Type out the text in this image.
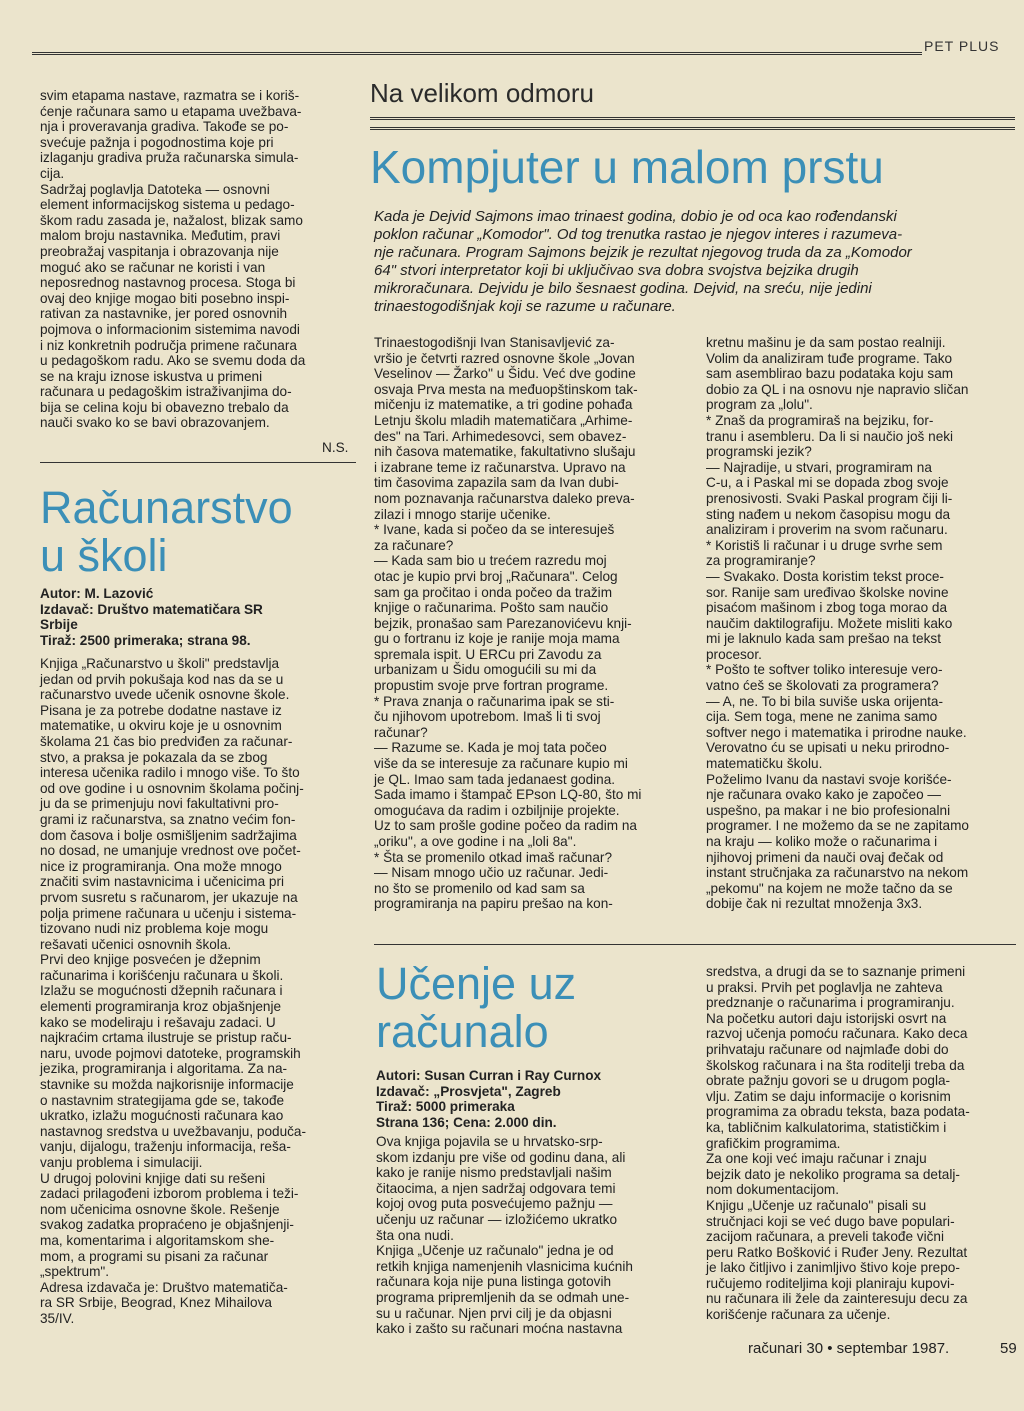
PET PLUS

svim etapama nastave, razmatra se i koriš-
ćenje računara samo u etapama uvežbava-
nja i proveravanja gradiva. Takođe se po-
svećuje pažnja i pogodnostima koje pri
izlaganju gradiva pruža računarska simula-
cija.
Sadržaj poglavlja Datoteka — osnovni
element informacijskog sistema u pedago-
škom radu zasada je, nažalost, blizak samo
malom broju nastavnika. Međutim, pravi
preobražaj vaspitanja i obrazovanja nije
moguć ako se računar ne koristi i van
neposrednog nastavnog procesa. Stoga bi
ovaj deo knjige mogao biti posebno inspi-
rativan za nastavnike, jer pored osnovnih
pojmova o informacionim sistemima navodi
i niz konkretnih područja primene računara
u pedagoškom radu. Ako se svemu doda da
se na kraju iznose iskustva u primeni
računara u pedagoškim istraživanjima do-
bija se celina koju bi obavezno trebalo da
nauči svako ko se bavi obrazovanjem.

N.S.
Računarstvo
u školi

Autor: M. Lazović
Izdavač: Društvo matematičara SR
Srbije
Tiraž: 2500 primeraka; strana 98.

Knjiga „Računarstvo u školi" predstavlja
jedan od prvih pokušaja kod nas da se u
računarstvo uvede učenik osnovne škole.
Pisana je za potrebe dodatne nastave iz
matematike, u okviru koje je u osnovnim
školama 21 čas bio predviđen za računar-
stvo, a praksa je pokazala da se zbog
interesa učenika radilo i mnogo više. To što
od ove godine i u osnovnim školama počinj-
ju da se primenjuju novi fakultativni pro-
grami iz računarstva, sa znatno većim fon-
dom časova i bolje osmišljenim sadržajima
no dosad, ne umanjuje vrednost ove počet-
nice iz programiranja. Ona može mnogo
značiti svim nastavnicima i učenicima pri
prvom susretu s računarom, jer ukazuje na
polja primene računara u učenju i sistema-
tizovano nudi niz problema koje mogu
rešavati učenici osnovnih škola.
Prvi deo knjige posvećen je džepnim
računarima i korišćenju računara u školi.
Izlažu se mogućnosti džepnih računara i
elementi programiranja kroz objašnjenje
kako se modeliraju i rešavaju zadaci. U
najkraćim crtama ilustruje se pristup raču-
naru, uvode pojmovi datoteke, programskih
jezika, programiranja i algoritama. Za na-
stavnike su možda najkorisnije informacije
o nastavnim strategijama gde se, takođe
ukratko, izlažu mogućnosti računara kao
nastavnog sredstva u uvežbavanju, poduča-
vanju, dijalogu, traženju informacija, reša-
vanju problema i simulaciji.
U drugoj polovini knjige dati su rešeni
zadaci prilagođeni izborom problema i teži-
nom učenicima osnovne škole. Rešenje
svakog zadatka propraćeno je objašnjenji-
ma, komentarima i algoritamskom she-
mom, a programi su pisani za računar
„spektrum".
Adresa izdavača je: Društvo matematiča-
ra SR Srbije, Beograd, Knez Mihailova
35/IV.

Na velikom odmoru
Kompjuter u malom prstu

Kada je Dejvid Sajmons imao trinaest godina, dobio je od oca kao rođendanski
poklon računar „Komodor". Od tog trenutka rastao je njegov interes i razumeva-
nje računara. Program Sajmons bejzik je rezultat njegovog truda da za „Komodor
64" stvori interpretator koji bi uključivao sva dobra svojstva bejzika drugih
mikroračunara. Dejvidu je bilo šesnaest godina. Dejvid, na sreću, nije jedini
trinaestogodišnjak koji se razume u računare.

Trinaestogodišnji Ivan Stanisavljević za-
vršio je četvrti razred osnovne škole „Jovan
Veselinov — Žarko" u Šidu. Već dve godine
osvaja Prva mesta na međuopštinskom tak-
mičenju iz matematike, a tri godine pohađa
Letnju školu mladih matematičara „Arhime-
des" na Tari. Arhimedesovci, sem obavez-
nih časova matematike, fakultativno slušaju
i izabrane teme iz računarstva. Upravo na
tim časovima zapazila sam da Ivan dubi-
nom poznavanja računarstva daleko preva-
zilazi i mnogo starije učenike.
* Ivane, kada si počeo da se interesuješ
za računare?
— Kada sam bio u trećem razredu moj
otac je kupio prvi broj „Računara". Celog
sam ga pročitao i onda počeo da tražim
knjige o računarima. Pošto sam naučio
bejzik, pronašao sam Parezanovićevu knji-
gu o fortranu iz koje je ranije moja mama
spremala ispit. U ERCu pri Zavodu za
urbanizam u Šidu omogućili su mi da
propustim svoje prve fortran programe.
* Prava znanja o računarima ipak se sti-
ču njihovom upotrebom. Imaš li ti svoj
računar?
— Razume se. Kada je moj tata počeo
više da se interesuje za računare kupio mi
je QL. Imao sam tada jedanaest godina.
Sada imamo i štampač EPson LQ-80, što mi
omogućava da radim i ozbiljnije projekte.
Uz to sam prošle godine počeo da radim na
„oriku", a ove godine i na „loli 8a".
* Šta se promenilo otkad imaš računar?
— Nisam mnogo učio uz računar. Jedi-
no što se promenilo od kad sam sa
programiranja na papiru prešao na kon-

kretnu mašinu je da sam postao realniji.
Volim da analiziram tuđe programe. Tako
sam asemblirao bazu podataka koju sam
dobio za QL i na osnovu nje napravio sličan
program za „lolu".
* Znaš da programiraš na bejziku, for-
tranu i asembleru. Da li si naučio još neki
programski jezik?
— Najradije, u stvari, programiram na
C-u, a i Paskal mi se dopada zbog svoje
prenosivosti. Svaki Paskal program čiji li-
sting nađem u nekom časopisu mogu da
analiziram i proverim na svom računaru.
* Koristiš li računar i u druge svrhe sem
za programiranje?
— Svakako. Dosta koristim tekst proce-
sor. Ranije sam uređivao školske novine
pisaćom mašinom i zbog toga morao da
naučim daktilografiju. Možete misliti kako
mi je laknulo kada sam prešao na tekst
procesor.
* Pošto te softver toliko interesuje vero-
vatno ćeš se školovati za programera?
— A, ne. To bi bila suviše uska orijenta-
cija. Sem toga, mene ne zanima samo
softver nego i matematika i prirodne nauke.
Verovatno ću se upisati u neku prirodno-
matematičku školu.
Poželimo Ivanu da nastavi svoje korišće-
nje računara ovako kako je započeo —
uspešno, pa makar i ne bio profesionalni
programer. I ne možemo da se ne zapitamo
na kraju — koliko može o računarima i
njihovoj primeni da nauči ovaj đečak od
instant stručnjaka za računarstvo na nekom
„pekomu" na kojem ne može tačno da se
dobije čak ni rezultat množenja 3x3.

Učenje uz
računalo

Autori: Susan Curran i Ray Curnox
Izdavač: „Prosvjeta", Zagreb
Tiraž: 5000 primeraka
Strana 136; Cena: 2.000 din.

Ova knjiga pojavila se u hrvatsko-srp-
skom izdanju pre više od godinu dana, ali
kako je ranije nismo predstavljali našim
čitaocima, a njen sadržaj odgovara temi
kojoj ovog puta posvećujemo pažnju —
učenju uz računar — izložićemo ukratko
šta ona nudi.
Knjiga „Učenje uz računalo" jedna je od
retkih knjiga namenjenih vlasnicima kućnih
računara koja nije puna listinga gotovih
programa pripremljenih da se odmah une-
su u računar. Njen prvi cilj je da objasni
kako i zašto su računari moćna nastavna

sredstva, a drugi da se to saznanje primeni
u praksi. Prvih pet poglavlja ne zahteva
predznanje o računarima i programiranju.
Na početku autori daju istorijski osvrt na
razvoj učenja pomoću računara. Kako deca
prihvataju računare od najmlađe dobi do
školskog računara i na šta roditelji treba da
obrate pažnju govori se u drugom pogla-
vlju. Zatim se daju informacije o korisnim
programima za obradu teksta, baza podata-
ka, tabličnim kalkulatorima, statističkim i
grafičkim programima.
Za one koji već imaju računar i znaju
bejzik dato je nekoliko programa sa detalj-
nom dokumentacijom.
Knjigu „Učenje uz računalo" pisali su
stručnjaci koji se već dugo bave populari-
zacijom računara, a preveli takođe vični
peru Ratko Bošković i Ruđer Jeny. Rezultat
je lako čitljivo i zanimljivo štivo koje prepo-
ručujemo roditeljima koji planiraju kupovi-
nu računara ili žele da zainteresuju decu za
korišćenje računara za učenje.

računari 30 • septembar 1987.	59
